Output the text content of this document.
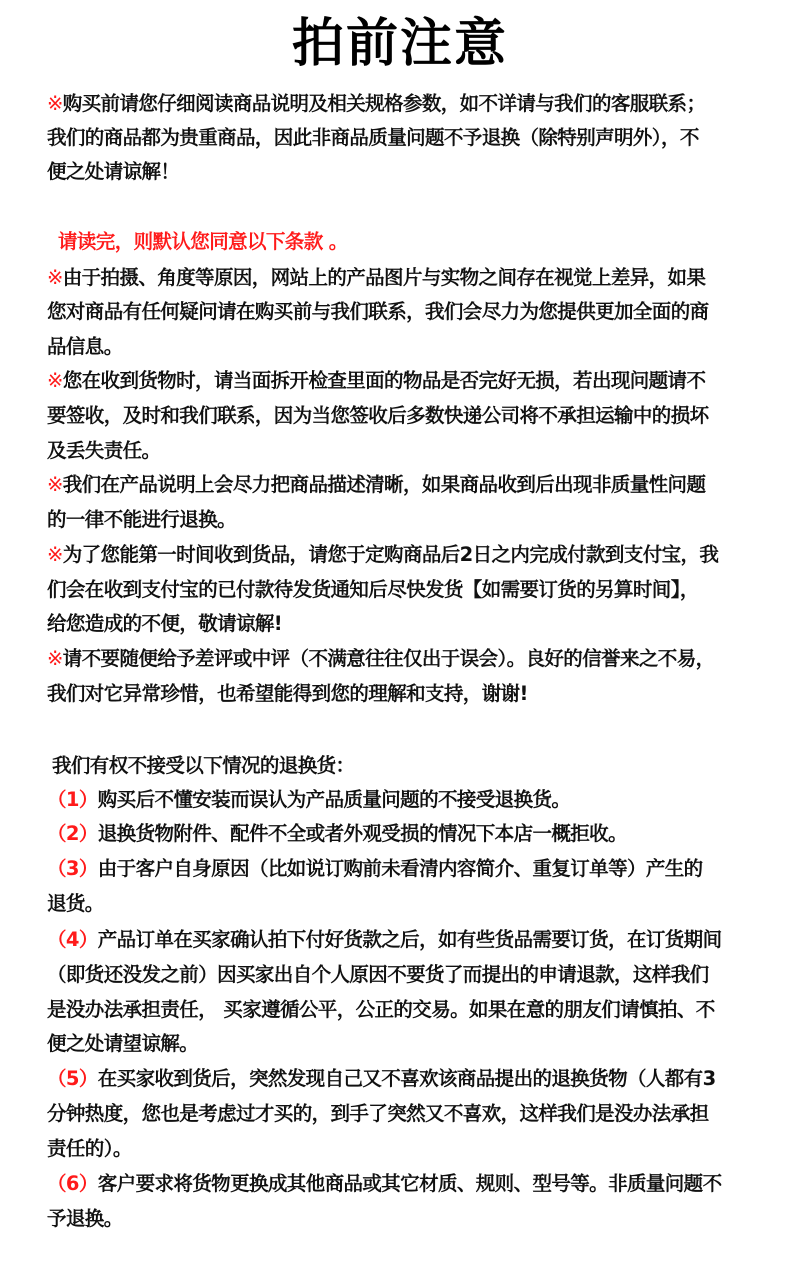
拍前注意
※购买前请您仔细阅读商品说明及相关规格参数，如不详请与我们的客服联系；
我们的商品都为贵重商品，因此非商品质量问题不予退换（除特别声明外），不
便之处请谅解！
请读完，则默认您同意以下条款 。
※由于拍摄、角度等原因，网站上的产品图片与实物之间存在视觉上差异，如果
您对商品有任何疑问请在购买前与我们联系，我们会尽力为您提供更加全面的商
品信息。
※您在收到货物时，请当面拆开检查里面的物品是否完好无损，若出现问题请不
要签收，及时和我们联系，因为当您签收后多数快递公司将不承担运输中的损坏
及丢失责任。
※我们在产品说明上会尽力把商品描述清晰，如果商品收到后出现非质量性问题
的一律不能进行退换。
※为了您能第一时间收到货品，请您于定购商品后2日之内完成付款到支付宝，我
们会在收到支付宝的已付款待发货通知后尽快发货【如需要订货的另算时间】，
给您造成的不便，敬请谅解!
※请不要随便给予差评或中评（不满意往往仅出于误会）。良好的信誉来之不易，
我们对它异常珍惜，也希望能得到您的理解和支持，谢谢!
我们有权不接受以下情况的退换货：
（1）购买后不懂安装而误认为产品质量问题的不接受退换货。
（2）退换货物附件、配件不全或者外观受损的情况下本店一概拒收。
（3）由于客户自身原因（比如说订购前未看清内容简介、重复订单等）产生的
退货。
（4）产品订单在买家确认拍下付好货款之后，如有些货品需要订货，在订货期间
（即货还没发之前）因买家出自个人原因不要货了而提出的申请退款，这样我们
是没办法承担责任， 买家遵循公平，公正的交易。如果在意的朋友们请慎拍、不
便之处请望谅解。
（5）在买家收到货后，突然发现自己又不喜欢该商品提出的退换货物（人都有3
分钟热度，您也是考虑过才买的，到手了突然又不喜欢，这样我们是没办法承担
责任的）。
（6）客户要求将货物更换成其他商品或其它材质、规则、型号等。非质量问题不
予退换。
